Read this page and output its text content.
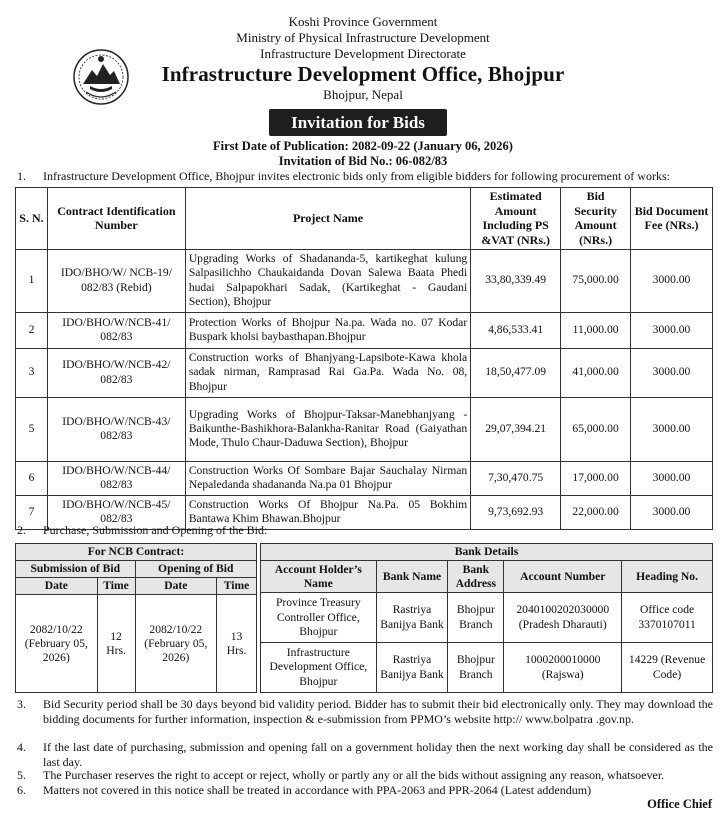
Koshi Province Government
Ministry of Physical Infrastructure Development
Infrastructure Development Directorate
Infrastructure Development Office, Bhojpur
Bhojpur, Nepal
Invitation for Bids
First Date of Publication: 2082-09-22 (January 06, 2026)
Invitation of Bid No.: 06-082/83
1. Infrastructure Development Office, Bhojpur invites electronic bids only from eligible bidders for following procurement of works:
S. N.	Contract Identification Number	Project Name	Estimated Amount Including PS &VAT (NRs.)	Bid Security Amount (NRs.)	Bid Document Fee (NRs.)
1	IDO/BHO/W/ NCB-19/ 082/83 (Rebid)	Upgrading Works of Shadananda-5, kartikeghat kulung Salpasilichho Chaukaidanda Dovan Salewa Baata Phedi hudai Salpapokhari Sadak, (Kartikeghat - Gaudani Section), Bhojpur	33,80,339.49	75,000.00	3000.00
2	IDO/BHO/W/NCB-41/ 082/83	Protection Works of Bhojpur Na.pa. Wada no. 07 Kodar Buspark kholsi baybasthapan.Bhojpur	4,86,533.41	11,000.00	3000.00
3	IDO/BHO/W/NCB-42/ 082/83	Construction works of Bhanjyang-Lapsibote-Kawa khola sadak nirman, Ramprasad Rai Ga.Pa. Wada No. 08, Bhojpur	18,50,477.09	41,000.00	3000.00
5	IDO/BHO/W/NCB-43/ 082/83	Upgrading Works of Bhojpur-Taksar-Manebhanjyang -Baikunthe-Bashikhora-Balankha-Ranitar Road (Gaiyathan Mode, Thulo Chaur-Daduwa Section), Bhojpur	29,07,394.21	65,000.00	3000.00
6	IDO/BHO/W/NCB-44/ 082/83	Construction Works Of Sombare Bajar Sauchalay Nirman Nepaledanda shadananda Na.pa 01 Bhojpur	7,30,470.75	17,000.00	3000.00
7	IDO/BHO/W/NCB-45/ 082/83	Construction Works Of Bhojpur Na.Pa. 05 Bokhim Bantawa Khim Bhawan.Bhojpur	9,73,692.93	22,000.00	3000.00
2. Purchase, Submission and Opening of the Bid:
For NCB Contract:			
Submission of Bid		Opening of Bid	
Date	Time	Date	Time
2082/10/22 (February 05, 2026)	12 Hrs.	2082/10/22 (February 05, 2026)	13 Hrs.
Bank Details				
Account Holder’s Name	Bank Name	Bank Address	Account Number	Heading No.
Province Treasury Controller Office, Bhojpur	Rastriya Banijya Bank	Bhojpur Branch	2040100202030000 (Pradesh Dharauti)	Office code 3370107011
Infrastructure Development Office, Bhojpur	Rastriya Banijya Bank	Bhojpur Branch	1000200010000 (Rajswa)	14229 (Revenue Code)
3. Bid Security period shall be 30 days beyond bid validity period. Bidder has to submit their bid electronically only. They may download the bidding documents for further information, inspection & e-submission from PPMO’s website http:// www.bolpatra .gov.np.
4. If the last date of purchasing, submission and opening fall on a government holiday then the next working day shall be considered as the last day.
5. The Purchaser reserves the right to accept or reject, wholly or partly any or all the bids without assigning any reason, whatsoever.
6. Matters not covered in this notice shall be treated in accordance with PPA-2063 and PPR-2064 (Latest addendum)
Office Chief
